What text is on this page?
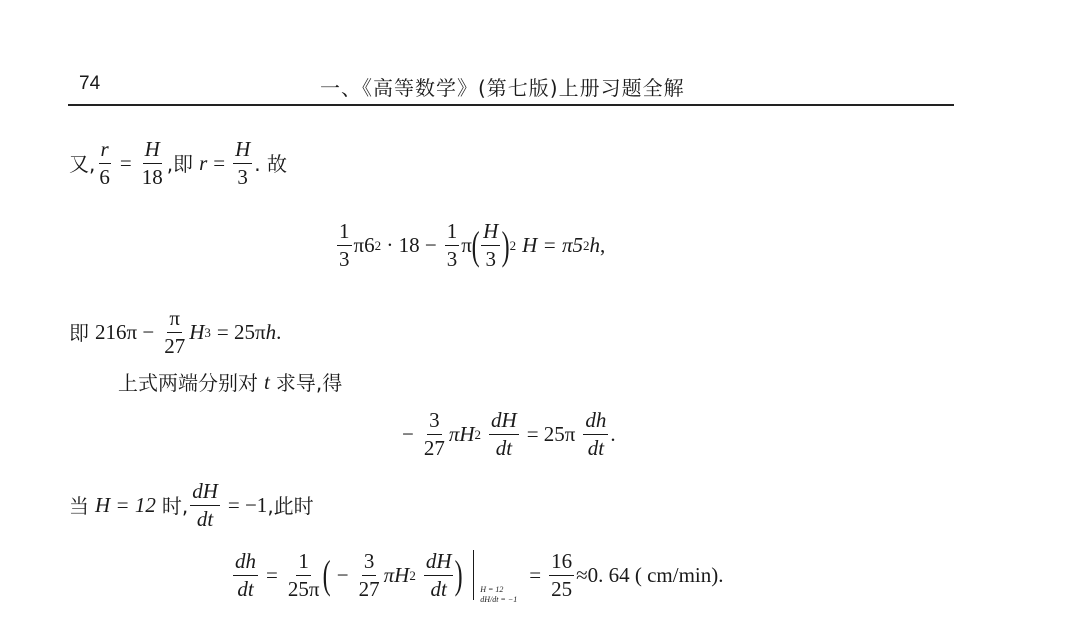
74	一、《高等数学》(第七版)上册习题全解
又, $\frac{r}{6} = \frac{H}{18}$ ,即 $r = \frac{H}{3}$ . 故
$\frac{1}{3} \pi 6$ $2 \cdot 18 - \frac{1}{3}$ π ( $\frac{H}{3}$ ) 2 H = π5 2 h ,
即 $216\pi - \frac{\pi}{27}$ H 3 = 25π h .
上式两端分别对 t 求导,得
− $\frac{3}{27}$ πH $2 \frac{dH}{dt} = 25\pi \frac{dh}{dt}$ .
当 H = 12 时, $\frac{dH}{dt} = -1$ ,此时
$\frac{dh}{dt} = \frac{1}{25\pi}$ ( − $\frac{3}{27}$ πH $2 \frac{dH}{dt}$ ) H = 12
dH/dt = −1
= $\frac{16}{25} \approx 0$. 64 ( cm/min).
